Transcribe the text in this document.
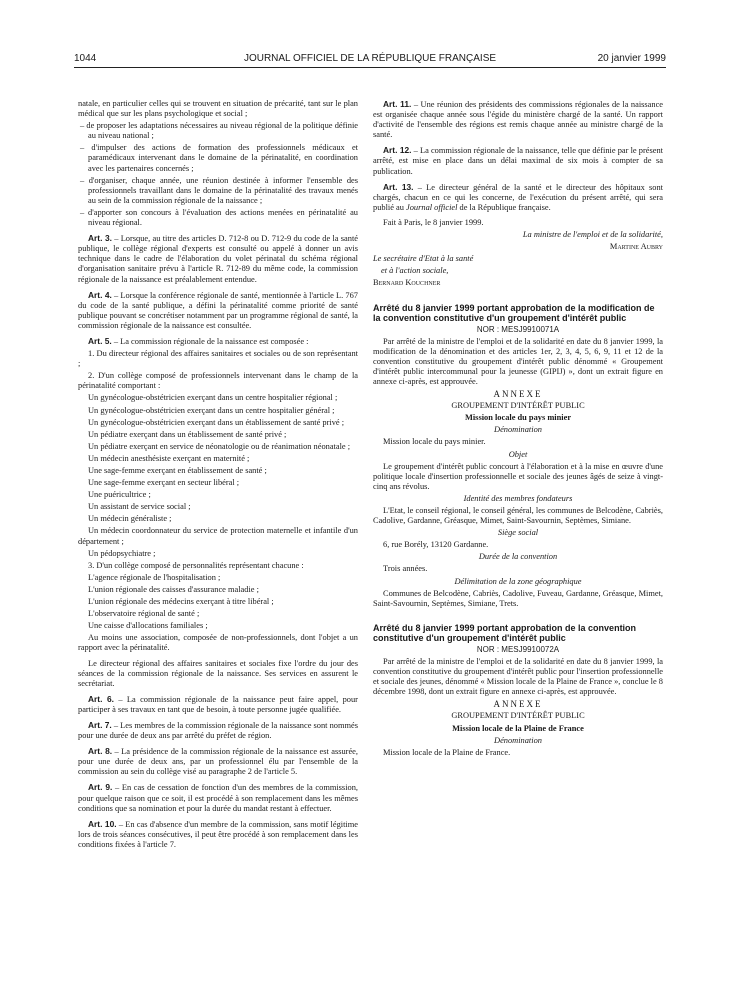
1044	JOURNAL OFFICIEL DE LA RÉPUBLIQUE FRANÇAISE	20 janvier 1999

natale, en particulier celles qui se trouvent en situation de précarité, tant sur le plan médical que sur les plans psychologique et social ;

– de proposer les adaptations nécessaires au niveau régional de la politique définie au niveau national ;

– d'impulser des actions de formation des professionnels médicaux et paramédicaux intervenant dans le domaine de la périnatalité, en coordination avec les partenaires concernés ;

– d'organiser, chaque année, une réunion destinée à informer l'ensemble des professionnels travaillant dans le domaine de la périnatalité des travaux menés au sein de la commission régionale de la naissance ;

– d'apporter son concours à l'évaluation des actions menées en périnatalité au niveau régional.

Art. 3. – Lorsque, au titre des articles D. 712-8 ou D. 712-9 du code de la santé publique, le collège régional d'experts est consulté ou appelé à donner un avis technique dans le cadre de l'élaboration du volet périnatal du schéma régional d'organisation sanitaire prévu à l'article R. 712-89 du même code, la commission régionale de la naissance est préalablement entendue.

Art. 4. – Lorsque la conférence régionale de santé, mentionnée à l'article L. 767 du code de la santé publique, a défini la périnatalité comme priorité de santé publique pouvant se concrétiser notamment par un programme régional de santé, la commission régionale de la naissance est consultée.

Art. 5. – La commission régionale de la naissance est composée :

1. Du directeur régional des affaires sanitaires et sociales ou de son représentant ;

2. D'un collège composé de professionnels intervenant dans le champ de la périnatalité comportant :

Un gynécologue-obstétricien exerçant dans un centre hospitalier régional ;

Un gynécologue-obstétricien exerçant dans un centre hospitalier général ;

Un gynécologue-obstétricien exerçant dans un établissement de santé privé ;

Un pédiatre exerçant dans un établissement de santé privé ;

Un pédiatre exerçant en service de néonatologie ou de réanimation néonatale ;

Un médecin anesthésiste exerçant en maternité ;

Une sage-femme exerçant en établissement de santé ;

Une sage-femme exerçant en secteur libéral ;

Une puéricultrice ;

Un assistant de service social ;

Un médecin généraliste ;

Un médecin coordonnateur du service de protection maternelle et infantile d'un département ;

Un pédopsychiatre ;

3. D'un collège composé de personnalités représentant chacune :

L'agence régionale de l'hospitalisation ;

L'union régionale des caisses d'assurance maladie ;

L'union régionale des médecins exerçant à titre libéral ;

L'observatoire régional de santé ;

Une caisse d'allocations familiales ;

Au moins une association, composée de non-professionnels, dont l'objet a un rapport avec la périnatalité.

Le directeur régional des affaires sanitaires et sociales fixe l'ordre du jour des séances de la commission régionale de la naissance. Ses services en assurent le secrétariat.

Art. 6. – La commission régionale de la naissance peut faire appel, pour participer à ses travaux en tant que de besoin, à toute personne jugée qualifiée.

Art. 7. – Les membres de la commission régionale de la naissance sont nommés pour une durée de deux ans par arrêté du préfet de région.

Art. 8. – La présidence de la commission régionale de la naissance est assurée, pour une durée de deux ans, par un professionnel élu par l'ensemble de la commission au sein du collège visé au paragraphe 2 de l'article 5.

Art. 9. – En cas de cessation de fonction d'un des membres de la commission, pour quelque raison que ce soit, il est procédé à son remplacement dans les mêmes conditions que sa nomination et pour la durée du mandat restant à effectuer.

Art. 10. – En cas d'absence d'un membre de la commission, sans motif légitime lors de trois séances consécutives, il peut être procédé à son remplacement dans les conditions fixées à l'article 7.

Art. 11. – Une réunion des présidents des commissions régionales de la naissance est organisée chaque année sous l'égide du ministère chargé de la santé. Un rapport d'activité de l'ensemble des régions est remis chaque année au ministre chargé de la santé.

Art. 12. – La commission régionale de la naissance, telle que définie par le présent arrêté, est mise en place dans un délai maximal de six mois à compter de sa publication.

Art. 13. – Le directeur général de la santé et le directeur des hôpitaux sont chargés, chacun en ce qui les concerne, de l'exécution du présent arrêté, qui sera publié au Journal officiel de la République française.

Fait à Paris, le 8 janvier 1999.

La ministre de l'emploi et de la solidarité,

Martine Aubry

Le secrétaire d'Etat à la santé

et à l'action sociale,

Bernard Kouchner

Arrêté du 8 janvier 1999 portant approbation de la modification de la convention constitutive d'un groupement d'intérêt public

NOR : MESJ9910071A

Par arrêté de la ministre de l'emploi et de la solidarité en date du 8 janvier 1999, la modification de la dénomination et des articles 1er, 2, 3, 4, 5, 6, 9, 11 et 12 de la convention constitutive du groupement d'intérêt public dénommé « Groupement d'intérêt public intercommunal pour la jeunesse (GIPIJ) », dont un extrait figure en annexe ci-après, est approuvée.

ANNEXE

GROUPEMENT D'INTÉRÊT PUBLIC

Mission locale du pays minier

Dénomination

Mission locale du pays minier.

Objet

Le groupement d'intérêt public concourt à l'élaboration et à la mise en œuvre d'une politique locale d'insertion professionnelle et sociale des jeunes âgés de seize à vingt-cinq ans révolus.

Identité des membres fondateurs

L'Etat, le conseil régional, le conseil général, les communes de Belcodène, Cabriès, Cadolive, Gardanne, Gréasque, Mimet, Saint-Savournin, Septèmes, Simiane.

Siège social

6, rue Borély, 13120 Gardanne.

Durée de la convention

Trois années.

Délimitation de la zone géographique

Communes de Belcodène, Cabriès, Cadolive, Fuveau, Gardanne, Gréasque, Mimet, Saint-Savournin, Septèmes, Simiane, Trets.

Arrêté du 8 janvier 1999 portant approbation de la convention constitutive d'un groupement d'intérêt public

NOR : MESJ9910072A

Par arrêté de la ministre de l'emploi et de la solidarité en date du 8 janvier 1999, la convention constitutive du groupement d'intérêt public pour l'insertion professionnelle et sociale des jeunes, dénommé « Mission locale de la Plaine de France », conclue le 8 décembre 1998, dont un extrait figure en annexe ci-après, est approuvée.

ANNEXE

GROUPEMENT D'INTÉRÊT PUBLIC

Mission locale de la Plaine de France

Dénomination

Mission locale de la Plaine de France.
